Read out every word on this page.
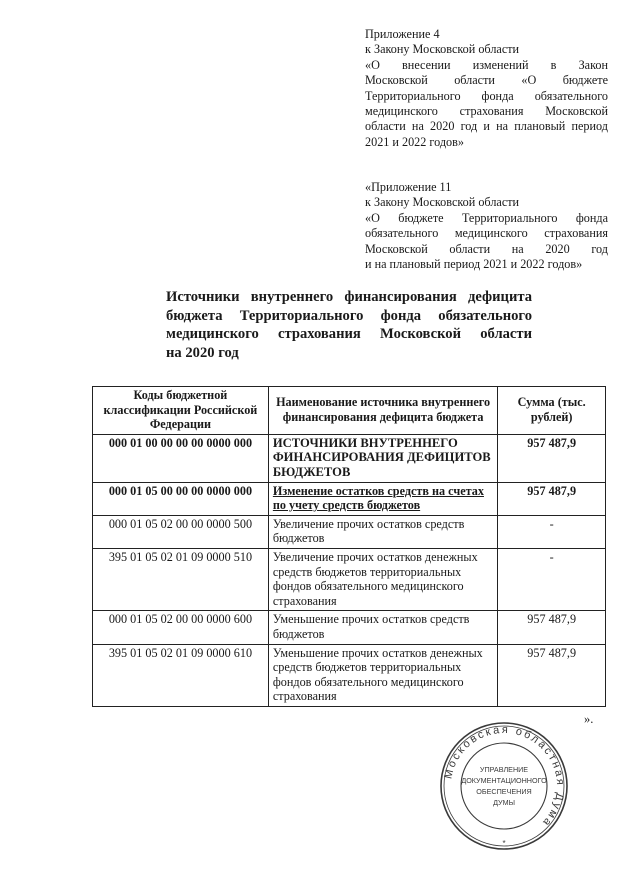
Приложение 4
к Закону Московской области
«О внесении изменений в Закон
Московской области «О бюджете
Территориального фонда обязательного
медицинского страхования Московской
области на 2020 год и на плановый период
2021 и 2022 годов»
«Приложение 11
к Закону Московской области
«О бюджете Территориального фонда
обязательного медицинского страхования
Московской области на 2020 год
и на плановый период 2021 и 2022 годов»
Источники внутреннего финансирования дефицита
бюджета Территориального фонда обязательного
медицинского страхования Московской области
на 2020 год
Коды бюджетной классификации Российской Федерации	Наименование источника внутреннего финансирования дефицита бюджета	Сумма (тыс. рублей)
000 01 00 00 00 00 0000 000	ИСТОЧНИКИ ВНУТРЕННЕГО ФИНАНСИРОВАНИЯ ДЕФИЦИТОВ БЮДЖЕТОВ	957 487,9
000 01 05 00 00 00 0000 000	Изменение остатков средств на счетах по учету средств бюджетов	957 487,9
000 01 05 02 00 00 0000 500	Увеличение прочих остатков средств бюджетов	-
395 01 05 02 01 09 0000 510	Увеличение прочих остатков денежных средств бюджетов территориальных фондов обязательного медицинского страхования	-
000 01 05 02 00 00 0000 600	Уменьшение прочих остатков средств бюджетов	957 487,9
395 01 05 02 01 09 0000 610	Уменьшение прочих остатков денежных средств бюджетов территориальных фондов обязательного медицинского страхования	957 487,9
».
Московская областная Дума
УПРАВЛЕНИЕ
ДОКУМЕНТАЦИОННОГО
ОБЕСПЕЧЕНИЯ
ДУМЫ
*
